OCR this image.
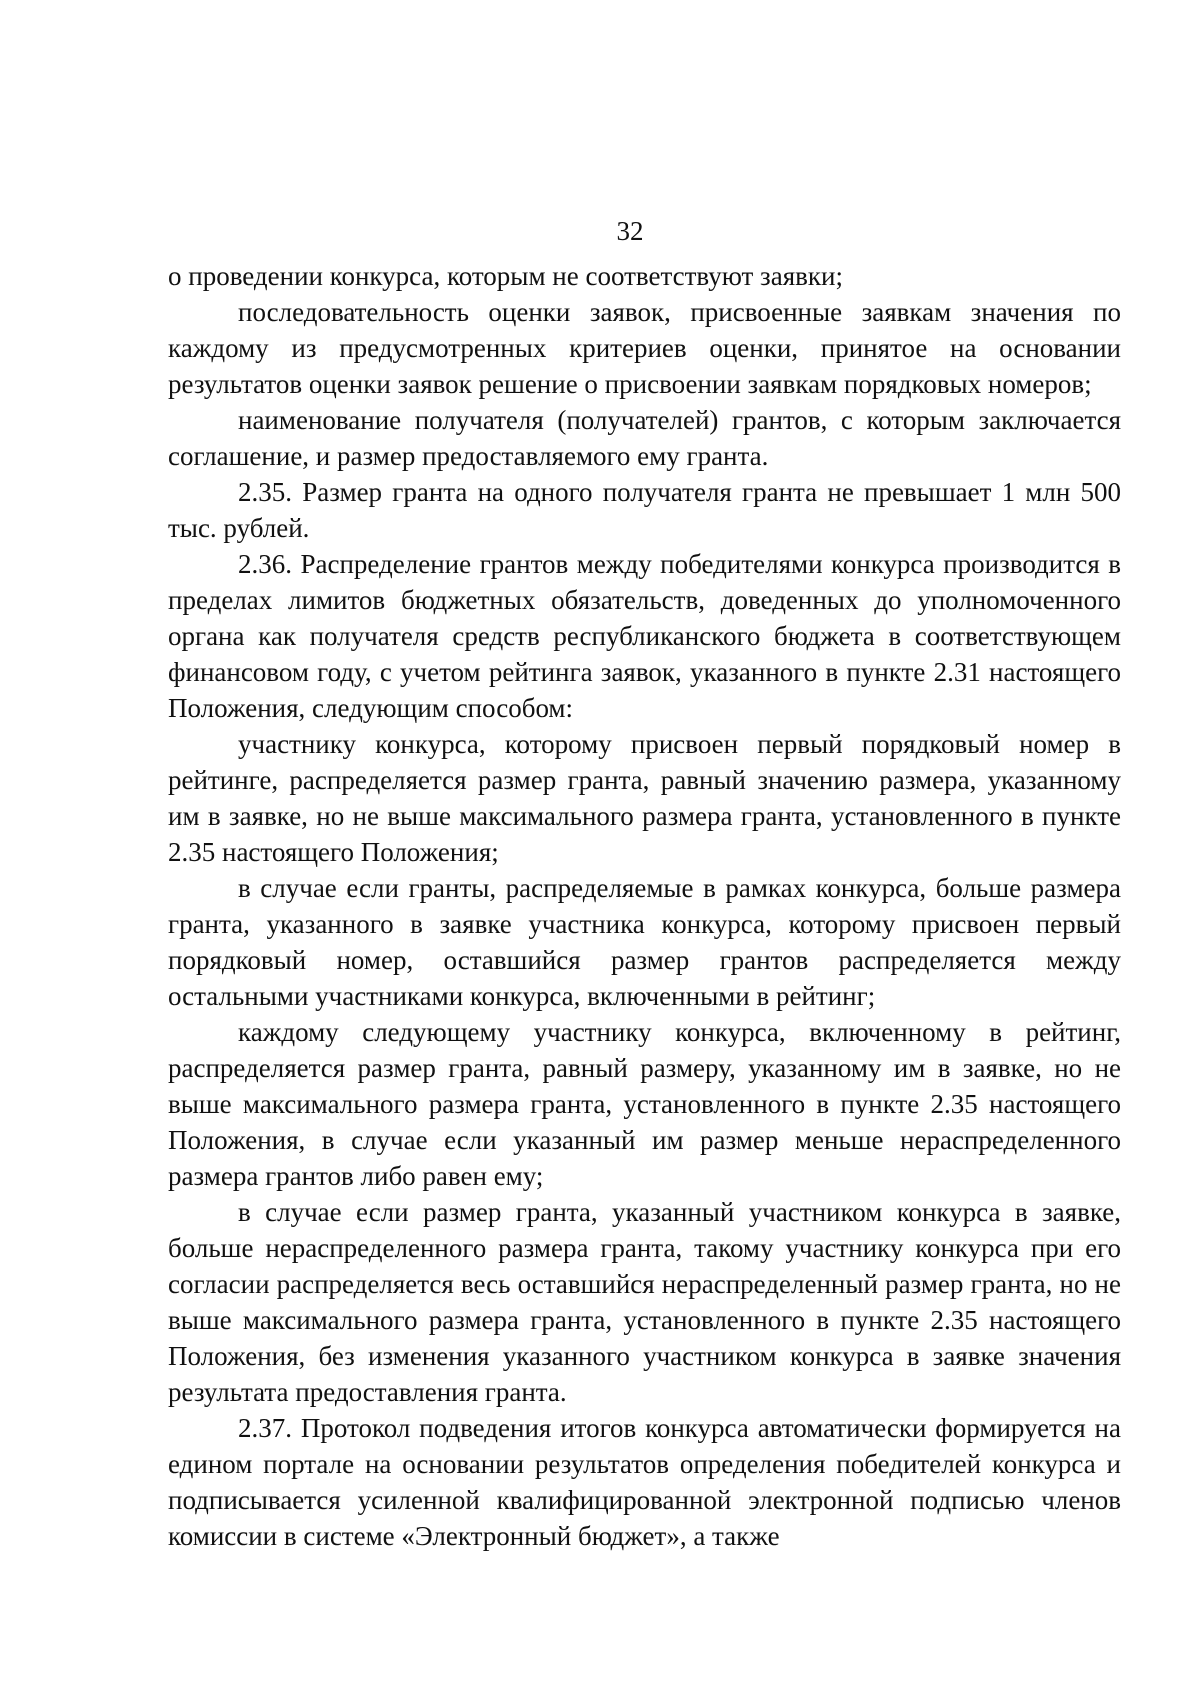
32

о проведении конкурса, которым не соответствуют заявки;

последовательность оценки заявок, присвоенные заявкам значения по каждому из предусмотренных критериев оценки, принятое на основании результатов оценки заявок решение о присвоении заявкам порядковых номеров;

наименование получателя (получателей) грантов, с которым заключается соглашение, и размер предоставляемого ему гранта.

2.35. Размер гранта на одного получателя гранта не превышает 1 млн 500 тыс. рублей.

2.36. Распределение грантов между победителями конкурса производится в пределах лимитов бюджетных обязательств, доведенных до уполномоченного органа как получателя средств республиканского бюджета в соответствующем финансовом году, с учетом рейтинга заявок, указанного в пункте 2.31 настоящего Положения, следующим способом:

участнику конкурса, которому присвоен первый порядковый номер в рейтинге, распределяется размер гранта, равный значению размера, указанному им в заявке, но не выше максимального размера гранта, установленного в пункте 2.35 настоящего Положения;

в случае если гранты, распределяемые в рамках конкурса, больше размера гранта, указанного в заявке участника конкурса, которому присвоен первый порядковый номер, оставшийся размер грантов распределяется между остальными участниками конкурса, включенными в рейтинг;

каждому следующему участнику конкурса, включенному в рейтинг, распределяется размер гранта, равный размеру, указанному им в заявке, но не выше максимального размера гранта, установленного в пункте 2.35 настоящего Положения, в случае если указанный им размер меньше нераспределенного размера грантов либо равен ему;

в случае если размер гранта, указанный участником конкурса в заявке, больше нераспределенного размера гранта, такому участнику конкурса при его согласии распределяется весь оставшийся нераспределенный размер гранта, но не выше максимального размера гранта, установленного в пункте 2.35 настоящего Положения, без изменения указанного участником конкурса в заявке значения результата предоставления гранта.

2.37. Протокол подведения итогов конкурса автоматически формируется на едином портале на основании результатов определения победителей конкурса и подписывается усиленной квалифицированной электронной подписью членов комиссии в системе «Электронный бюджет», а также
